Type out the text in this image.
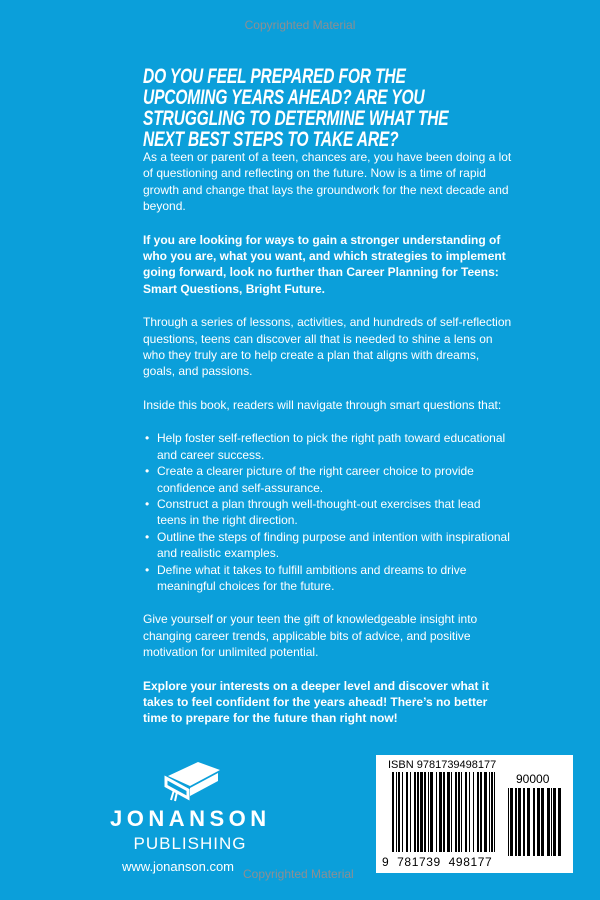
Copyrighted Material
DO YOU FEEL PREPARED FOR THE UPCOMING YEARS AHEAD? ARE YOU STRUGGLING TO DETERMINE WHAT THE NEXT BEST STEPS TO TAKE ARE?

As a teen or parent of a teen, chances are, you have been doing a lot of questioning and reflecting on the future. Now is a time of rapid growth and change that lays the groundwork for the next decade and beyond.

If you are looking for ways to gain a stronger understanding of who you are, what you want, and which strategies to implement going forward, look no further than Career Planning for Teens: Smart Questions, Bright Future.

Through a series of lessons, activities, and hundreds of self-reflection questions, teens can discover all that is needed to shine a lens on who they truly are to help create a plan that aligns with dreams, goals, and passions.

Inside this book, readers will navigate through smart questions that:

• Help foster self-reflection to pick the right path toward educational and career success.
• Create a clearer picture of the right career choice to provide confidence and self-assurance.
• Construct a plan through well-thought-out exercises that lead teens in the right direction.
• Outline the steps of finding purpose and intention with inspirational and realistic examples.
• Define what it takes to fulfill ambitions and dreams to drive meaningful choices for the future.

Give yourself or your teen the gift of knowledgeable insight into changing career trends, applicable bits of advice, and positive motivation for unlimited potential.

Explore your interests on a deeper level and discover what it takes to feel confident for the years ahead! There’s no better time to prepare for the future than right now!

JONANSON
PUBLISHING
www.jonanson.com Copyrighted Material
ISBN 9781739498177
90000
9  781739  498177
